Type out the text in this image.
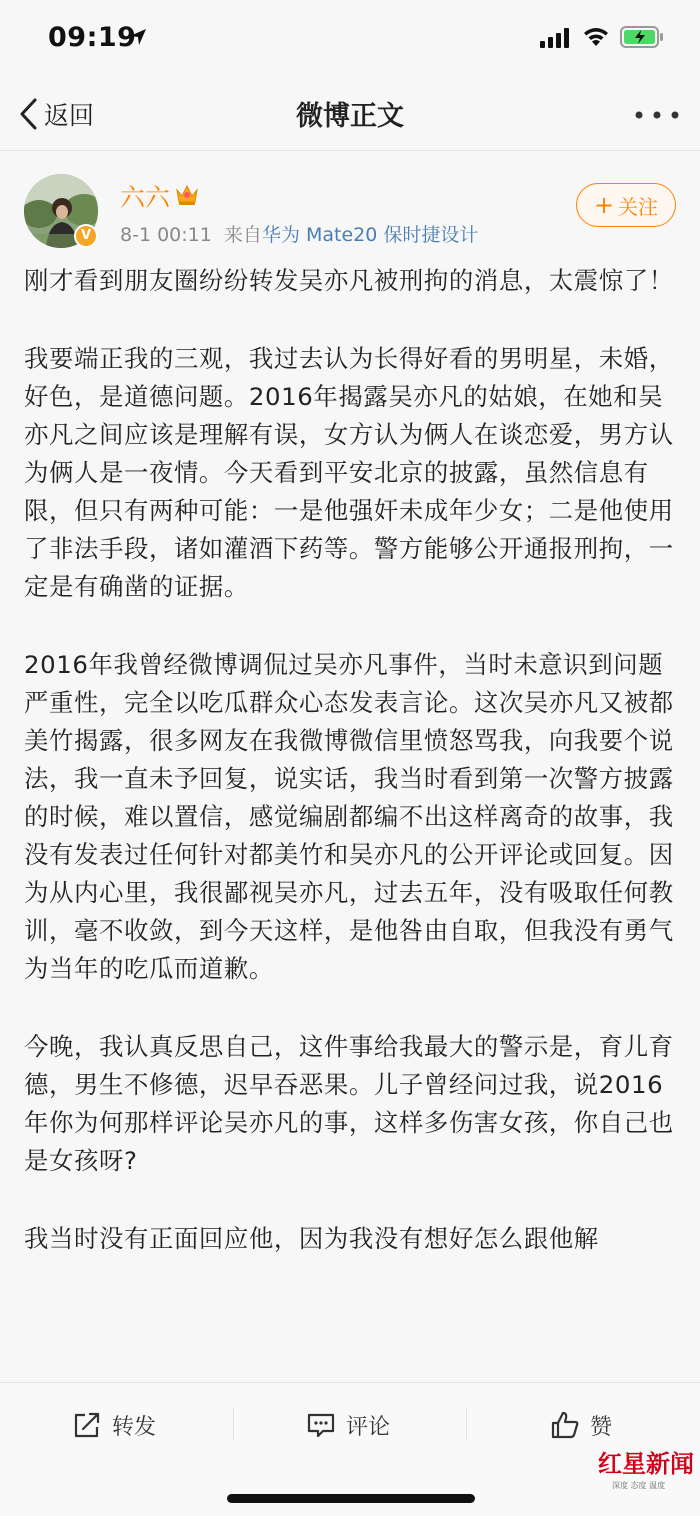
09:19
返回	微博正文
V
六六
8-1 00:11 来自华为 Mate20 保时捷设计
+ 关注

刚才看到朋友圈纷纷转发吴亦凡被刑拘的消息，太震惊了！

我要端正我的三观，我过去认为长得好看的男明星，未婚，好色，是道德问题。2016年揭露吴亦凡的姑娘，在她和吴亦凡之间应该是理解有误，女方认为俩人在谈恋爱，男方认为俩人是一夜情。今天看到平安北京的披露，虽然信息有限，但只有两种可能：一是他强奸未成年少女；二是他使用了非法手段，诸如灌酒下药等。警方能够公开通报刑拘，一定是有确凿的证据。

2016年我曾经微博调侃过吴亦凡事件，当时未意识到问题严重性，完全以吃瓜群众心态发表言论。这次吴亦凡又被都美竹揭露，很多网友在我微博微信里愤怒骂我，向我要个说法，我一直未予回复，说实话，我当时看到第一次警方披露的时候，难以置信，感觉编剧都编不出这样离奇的故事，我没有发表过任何针对都美竹和吴亦凡的公开评论或回复。因为从内心里，我很鄙视吴亦凡，过去五年，没有吸取任何教训，毫不收敛，到今天这样，是他咎由自取，但我没有勇气为当年的吃瓜而道歉。

今晚，我认真反思自己，这件事给我最大的警示是，育儿育德，男生不修德，迟早吞恶果。儿子曾经问过我，说2016年你为何那样评论吴亦凡的事，这样多伤害女孩，你自己也是女孩呀?

我当时没有正面回应他，因为我没有想好怎么跟他解

转发	评论	赞
红星新闻
深度 态度 温度
